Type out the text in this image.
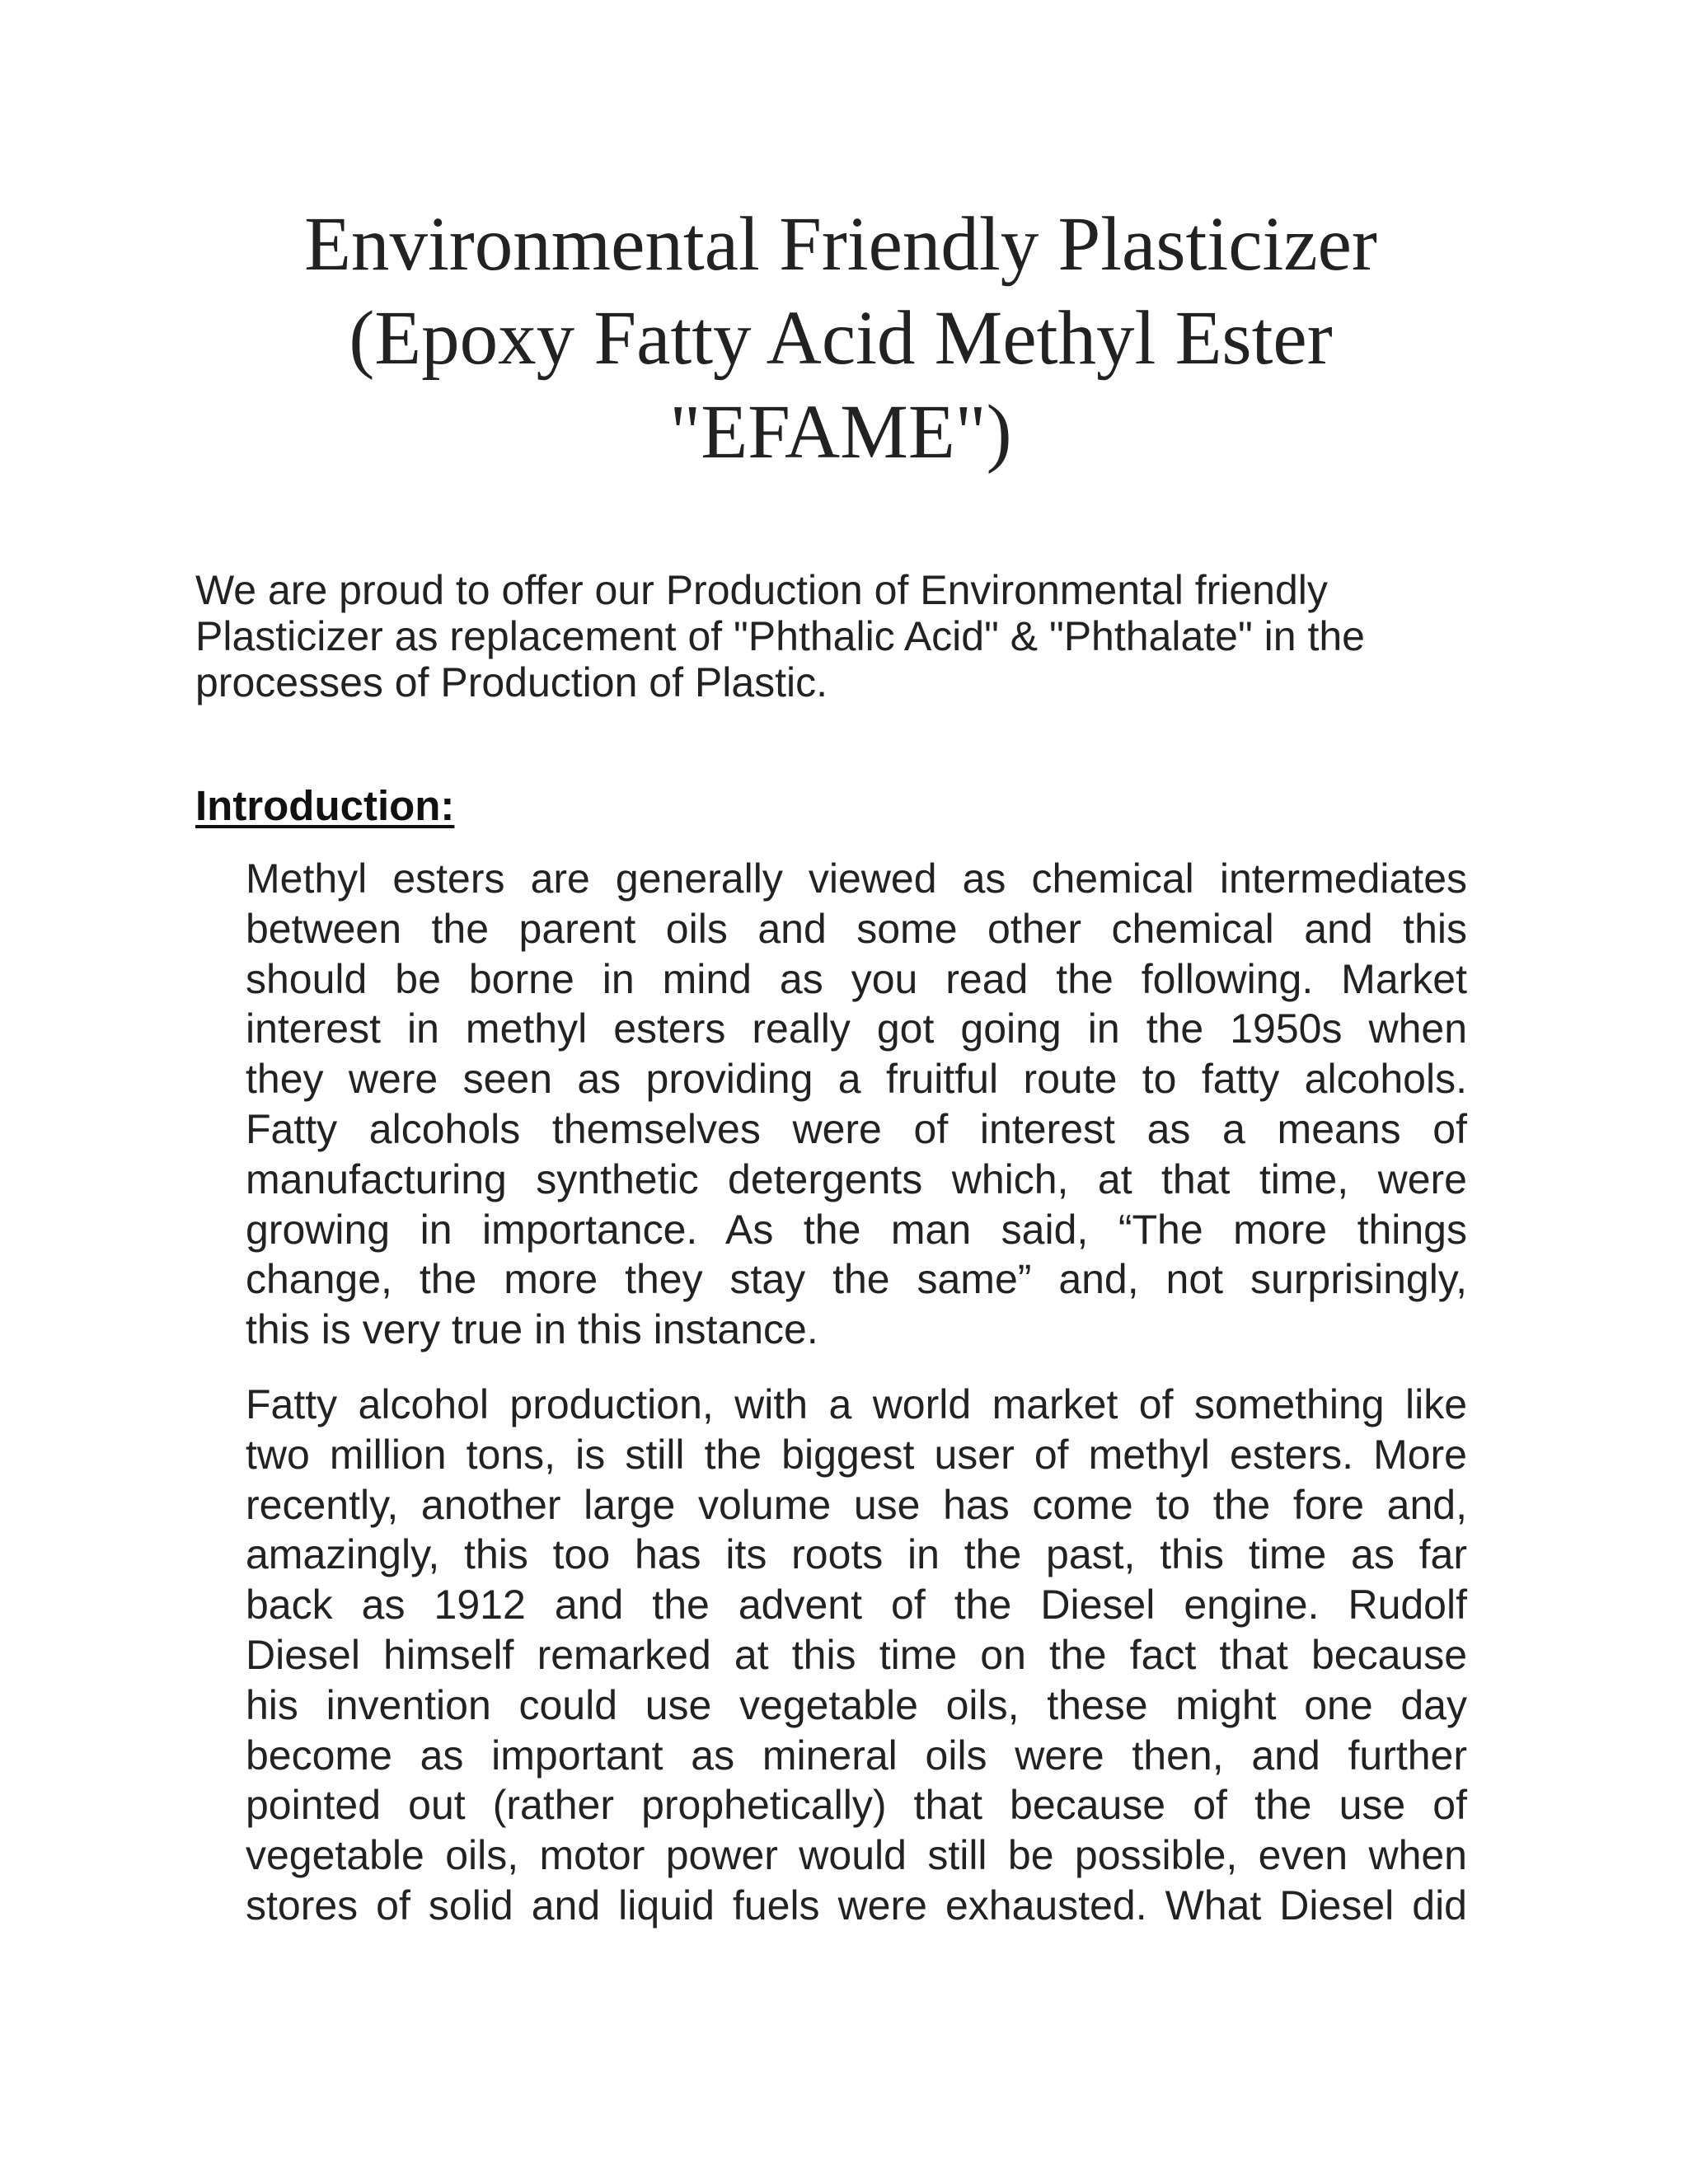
Environmental Friendly Plasticizer
(Epoxy Fatty Acid Methyl Ester
"EFAME")

We are proud to offer our Production of Environmental friendly
Plasticizer as replacement of "Phthalic Acid" & "Phthalate" in the
processes of Production of Plastic.

Introduction:
Methyl esters are generally viewed as chemical intermediates
between the parent oils and some other chemical and this
should be borne in mind as you read the following. Market
interest in methyl esters really got going in the 1950s when
they were seen as providing a fruitful route to fatty alcohols.
Fatty alcohols themselves were of interest as a means of
manufacturing synthetic detergents which, at that time, were
growing in importance. As the man said, “The more things
change, the more they stay the same” and, not surprisingly,
this is very true in this instance.
Fatty alcohol production, with a world market of something like
two million tons, is still the biggest user of methyl esters. More
recently, another large volume use has come to the fore and,
amazingly, this too has its roots in the past, this time as far
back as 1912 and the advent of the Diesel engine. Rudolf
Diesel himself remarked at this time on the fact that because
his invention could use vegetable oils, these might one day
become as important as mineral oils were then, and further
pointed out (rather prophetically) that because of the use of
vegetable oils, motor power would still be possible, even when
stores of solid and liquid fuels were exhausted. What Diesel did
